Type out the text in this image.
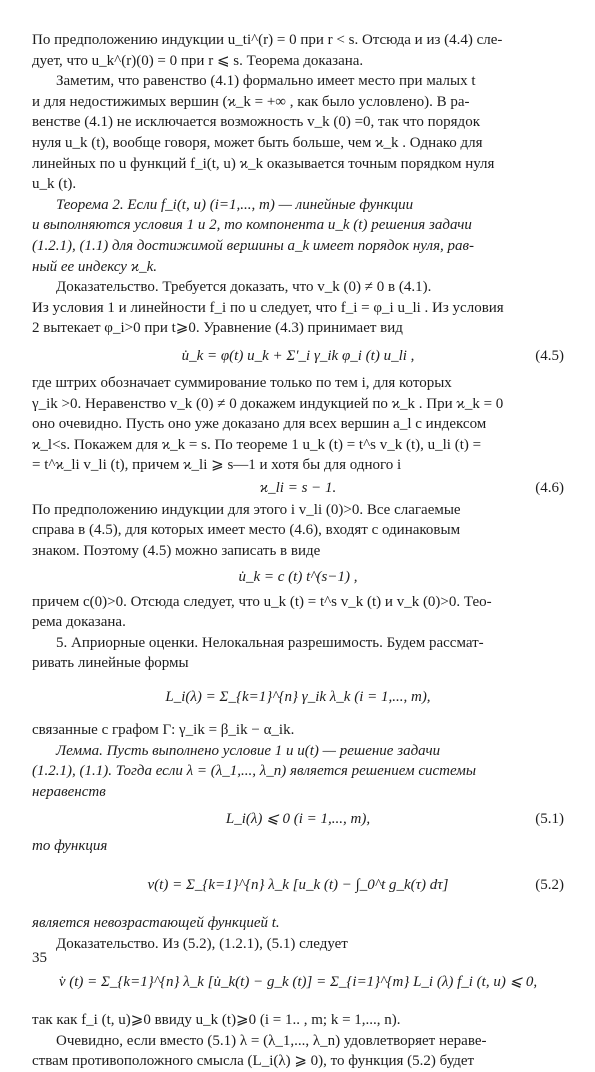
По предположению индукции u_ti^(r) = 0 при r < s. Отсюда и из (4.4) сле-

дует, что u_k^(r)(0) = 0 при r ⩽ s. Теорема доказана.

Заметим, что равенство (4.1) формально имеет место при малых t

и для недостижимых вершин (ϰ_k = +∞ , как было условлено). В ра-

венстве (4.1) не исключается возможность v_k (0) =0, так что порядок

нуля u_k (t), вообще говоря, может быть больше, чем ϰ_k . Однако для

линейных по u функций f_i(t, u) ϰ_k оказывается точным порядком нуля

u_k (t).

Теорема 2. Если f_i(t, u) (i=1,..., m) — линейные функции

и выполняются условия 1 и 2, то компонента u_k (t) решения задачи

(1.2.1), (1.1) для достижимой вершины a_k имеет порядок нуля, рав-

ный ее индексу ϰ_k.

Доказательство. Требуется доказать, что v_k (0) ≠ 0 в (4.1).

Из условия 1 и линейности f_i по u следует, что f_i = φ_i u_li . Из условия

2 вытекает φ_i>0 при t⩾0. Уравнение (4.3) принимает вид

u̇_k = φ(t) u_k + Σ′_i γ_ik φ_i (t) u_li ,	(4.5)

где штрих обозначает суммирование только по тем i, для которых

γ_ik >0. Неравенство v_k (0) ≠ 0 докажем индукцией по ϰ_k . При ϰ_k = 0

оно очевидно. Пусть оно уже доказано для всех вершин a_l с индексом

ϰ_l<s. Покажем для ϰ_k = s. По теореме 1 u_k (t) = t^s v_k (t), u_li (t) =

= t^ϰ_li v_li (t), причем ϰ_li ⩾ s—1 и хотя бы для одного i

ϰ_li = s − 1.	(4.6)

По предположению индукции для этого i v_li (0)>0. Все слагаемые

справа в (4.5), для которых имеет место (4.6), входят с одинаковым

знаком. Поэтому (4.5) можно записать в виде

u̇_k = c (t) t^(s−1) ,

причем c(0)>0. Отсюда следует, что u_k (t) = t^s v_k (t) и v_k (0)>0. Тео-

рема доказана.

5. Априорные оценки. Нелокальная разрешимость. Будем рассмат-

ривать линейные формы

L_i(λ) = Σ_{k=1}^{n} γ_ik λ_k (i = 1,..., m),

связанные с графом Г: γ_ik = β_ik − α_ik.

Лемма. Пусть выполнено условие 1 и u(t) — решение задачи

(1.2.1), (1.1). Тогда если λ = (λ_1,..., λ_n) является решением системы

неравенств

L_i(λ) ⩽ 0 (i = 1,..., m),	(5.1)

то функция

v(t) = Σ_{k=1}^{n} λ_k [u_k (t) − ∫_0^t g_k(τ) dτ]	(5.2)

является невозрастающей функцией t.

Доказательство. Из (5.2), (1.2.1), (5.1) следует

v̇ (t) = Σ_{k=1}^{n} λ_k [u̇_k(t) − g_k (t)] = Σ_{i=1}^{m} L_i (λ) f_i (t, u) ⩽ 0,

так как f_i (t, u)⩾0 ввиду u_k (t)⩾0 (i = 1.. , m; k = 1,..., n).

Очевидно, если вместо (5.1) λ = (λ_1,..., λ_n) удовлетворяет нераве-

ствам противоположного смысла (L_i(λ) ⩾ 0), то функция (5.2) будет

35
